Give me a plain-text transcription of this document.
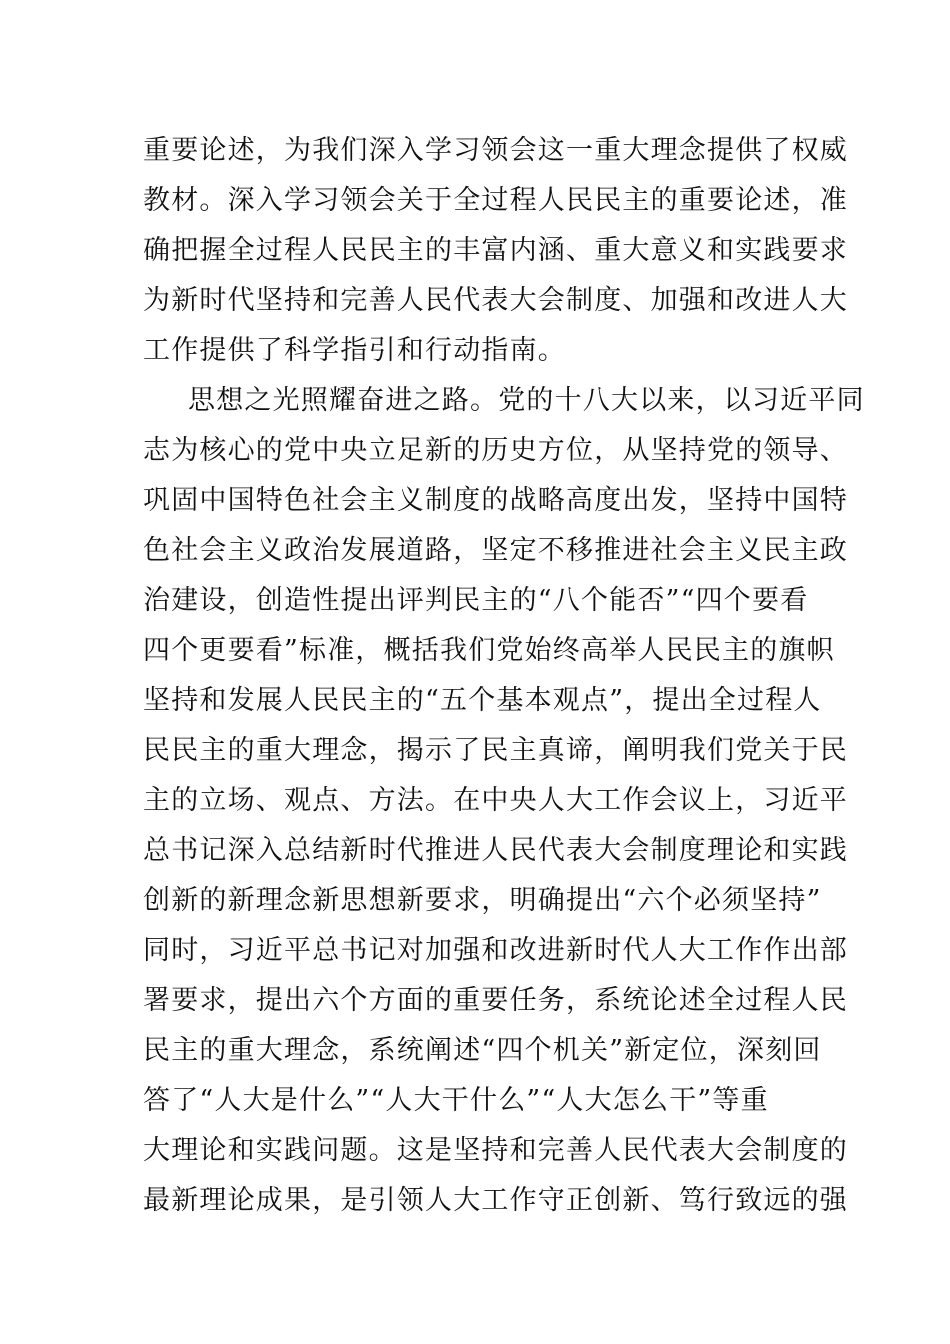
重要论述，为我们深入学习领会这一重大理念提供了权威
教材。深入学习领会关于全过程人民民主的重要论述，准
确把握全过程人民民主的丰富内涵、重大意义和实践要求
为新时代坚持和完善人民代表大会制度、加强和改进人大
工作提供了科学指引和行动指南。
思想之光照耀奋进之路。党的十八大以来，以习近平同
志为核心的党中央立足新的历史方位，从坚持党的领导、
巩固中国特色社会主义制度的战略高度出发，坚持中国特
色社会主义政治发展道路，坚定不移推进社会主义民主政
治建设，创造性提出评判民主的“八个能否”“四个要看
四个更要看”标准，概括我们党始终高举人民民主的旗帜
坚持和发展人民民主的“五个基本观点”，提出全过程人
民民主的重大理念，揭示了民主真谛，阐明我们党关于民
主的立场、观点、方法。在中央人大工作会议上，习近平
总书记深入总结新时代推进人民代表大会制度理论和实践
创新的新理念新思想新要求，明确提出“六个必须坚持”
同时，习近平总书记对加强和改进新时代人大工作作出部
署要求，提出六个方面的重要任务，系统论述全过程人民
民主的重大理念，系统阐述“四个机关”新定位，深刻回
答了“人大是什么”“人大干什么”“人大怎么干”等重
大理论和实践问题。这是坚持和完善人民代表大会制度的
最新理论成果，是引领人大工作守正创新、笃行致远的强
